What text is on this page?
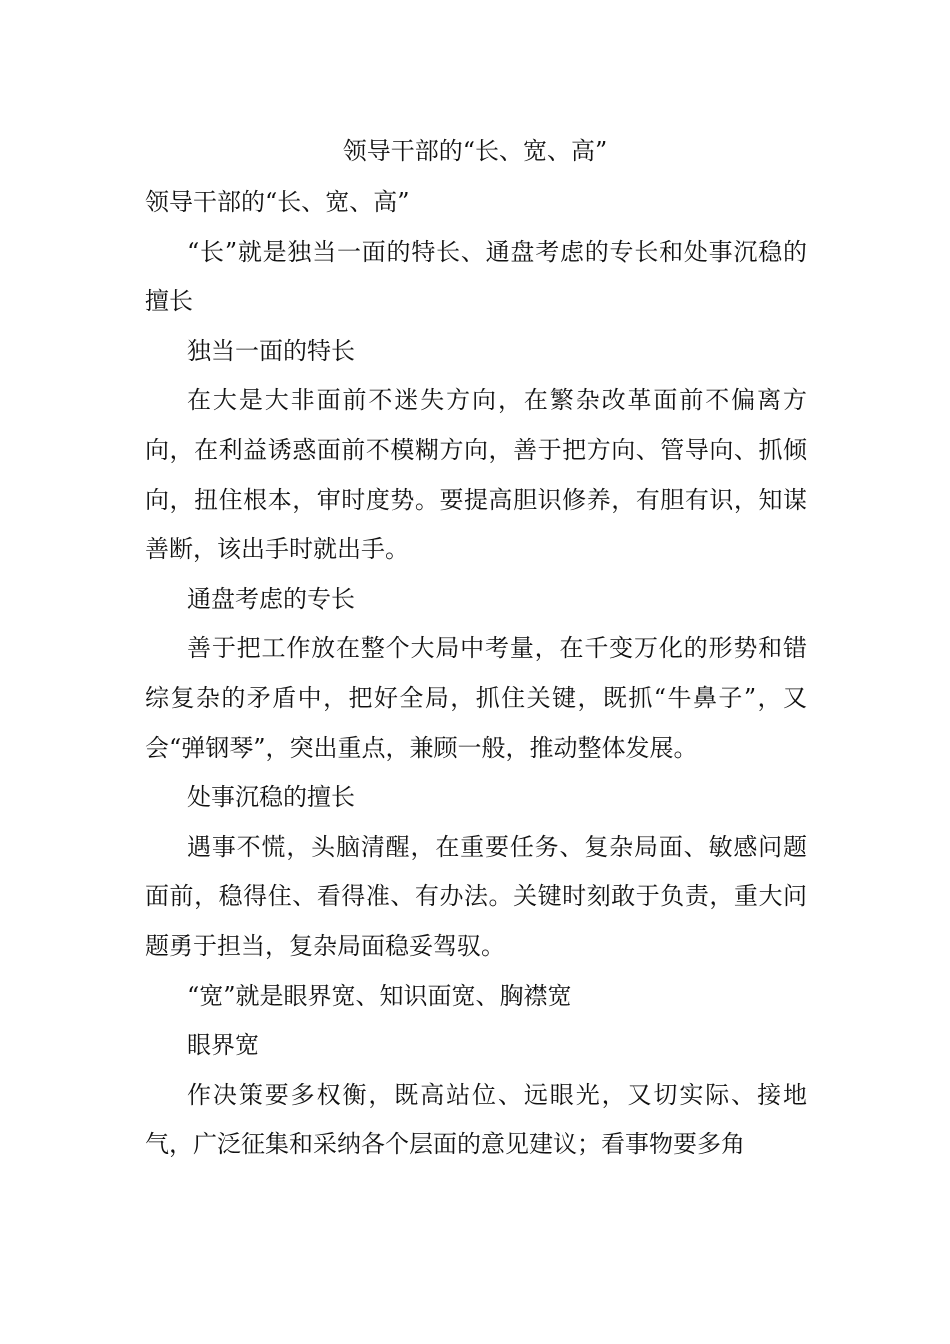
领导干部的“长、宽、高”

领导干部的“长、宽、高”

“长”就是独当一面的特长、通盘考虑的专长和处事沉稳的擅长

独当一面的特长

在大是大非面前不迷失方向，在繁杂改革面前不偏离方向，在利益诱惑面前不模糊方向，善于把方向、管导向、抓倾向，扭住根本，审时度势。要提高胆识修养，有胆有识，知谋善断，该出手时就出手。

通盘考虑的专长

善于把工作放在整个大局中考量，在千变万化的形势和错综复杂的矛盾中，把好全局，抓住关键，既抓“牛鼻子”，又会“弹钢琴”，突出重点，兼顾一般，推动整体发展。

处事沉稳的擅长

遇事不慌，头脑清醒，在重要任务、复杂局面、敏感问题面前，稳得住、看得准、有办法。关键时刻敢于负责，重大问题勇于担当，复杂局面稳妥驾驭。

“宽”就是眼界宽、知识面宽、胸襟宽

眼界宽

作决策要多权衡，既高站位、远眼光，又切实际、接地气，广泛征集和采纳各个层面的意见建议；看事物要多角
